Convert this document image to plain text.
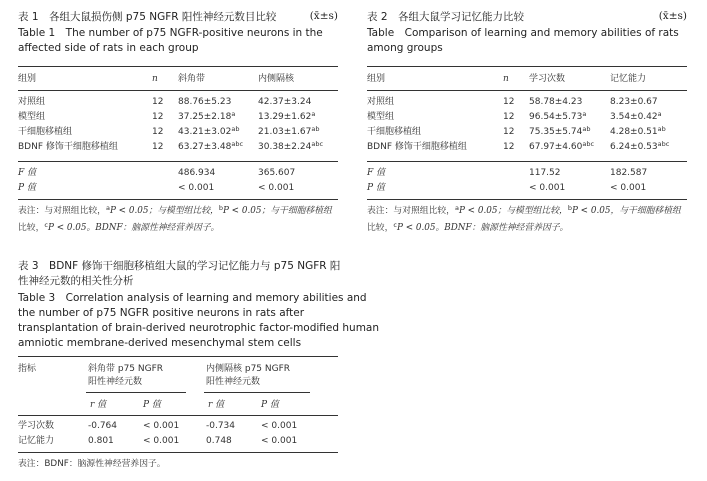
表 1　各组大鼠损伤侧 p75 NGFR 阳性神经元数目比较	(x̄±s)
Table 1　The number of p75 NGFR-positive neurons in the affected side of rats in each group
组别	n 斜角带	内侧隔核
对照组	12 88.76±5.23	42.37±3.24
模型组	12 37.25±2.18$^a$	13.29±1.62$^a$
干细胞移植组	12 43.21±3.02$^{ab}$ 21.03±1.67$^{ab}$
BDNF 修饰干细胞移植组	12 63.27±3.48$^{abc}$ 30.38±2.24$^{abc}$
F 值	486.934	365.607
P 值	< 0.001	< 0.001
表注：与对照组比较，$^a$P < 0.05；与模型组比较，$^b$P < 0.05；与干细胞移植组
比较，$^c$P < 0.05。BDNF：脑源性神经营养因子。
表 2　各组大鼠学习记忆能力比较	(x̄±s)
Table　Comparison of learning and memory abilities of rats among groups
组别	n 学习次数	记忆能力
对照组	12 58.78±4.23	8.23±0.67
模型组	12 96.54±5.73$^a$	3.54±0.42$^a$
干细胞移植组	12 75.35±5.74$^{ab}$ 4.28±0.51$^{ab}$
BDNF 修饰干细胞移植组	12 67.97±4.60$^{abc}$ 6.24±0.53$^{abc}$
F 值	117.52	182.587
P 值	< 0.001	< 0.001
表注：与对照组比较，$^a$P < 0.05；与模型组比较，$^b$P < 0.05，与干细胞移植组
比较，$^c$P < 0.05。BDNF：脑源性神经营养因子。
表 3　BDNF 修饰干细胞移植组大鼠的学习记忆能力与 p75 NGFR 阳
性神经元数的相关性分析
Table 3　Correlation analysis of learning and memory abilities and
the number of p75 NGFR positive neurons in rats after
transplantation of brain-derived neurotrophic factor-modified human
amniotic membrane-derived mesenchymal stem cells
指标	斜角带 p75 NGFR
阳性神经元数
内侧隔核 p75 NGFR
阳性神经元数
r 值	P 值	r 值	P 值
学习次数	-0.764	< 0.001	-0.734	< 0.001
记忆能力	0.801	< 0.001	0.748	< 0.001
表注：BDNF：脑源性神经营养因子。
